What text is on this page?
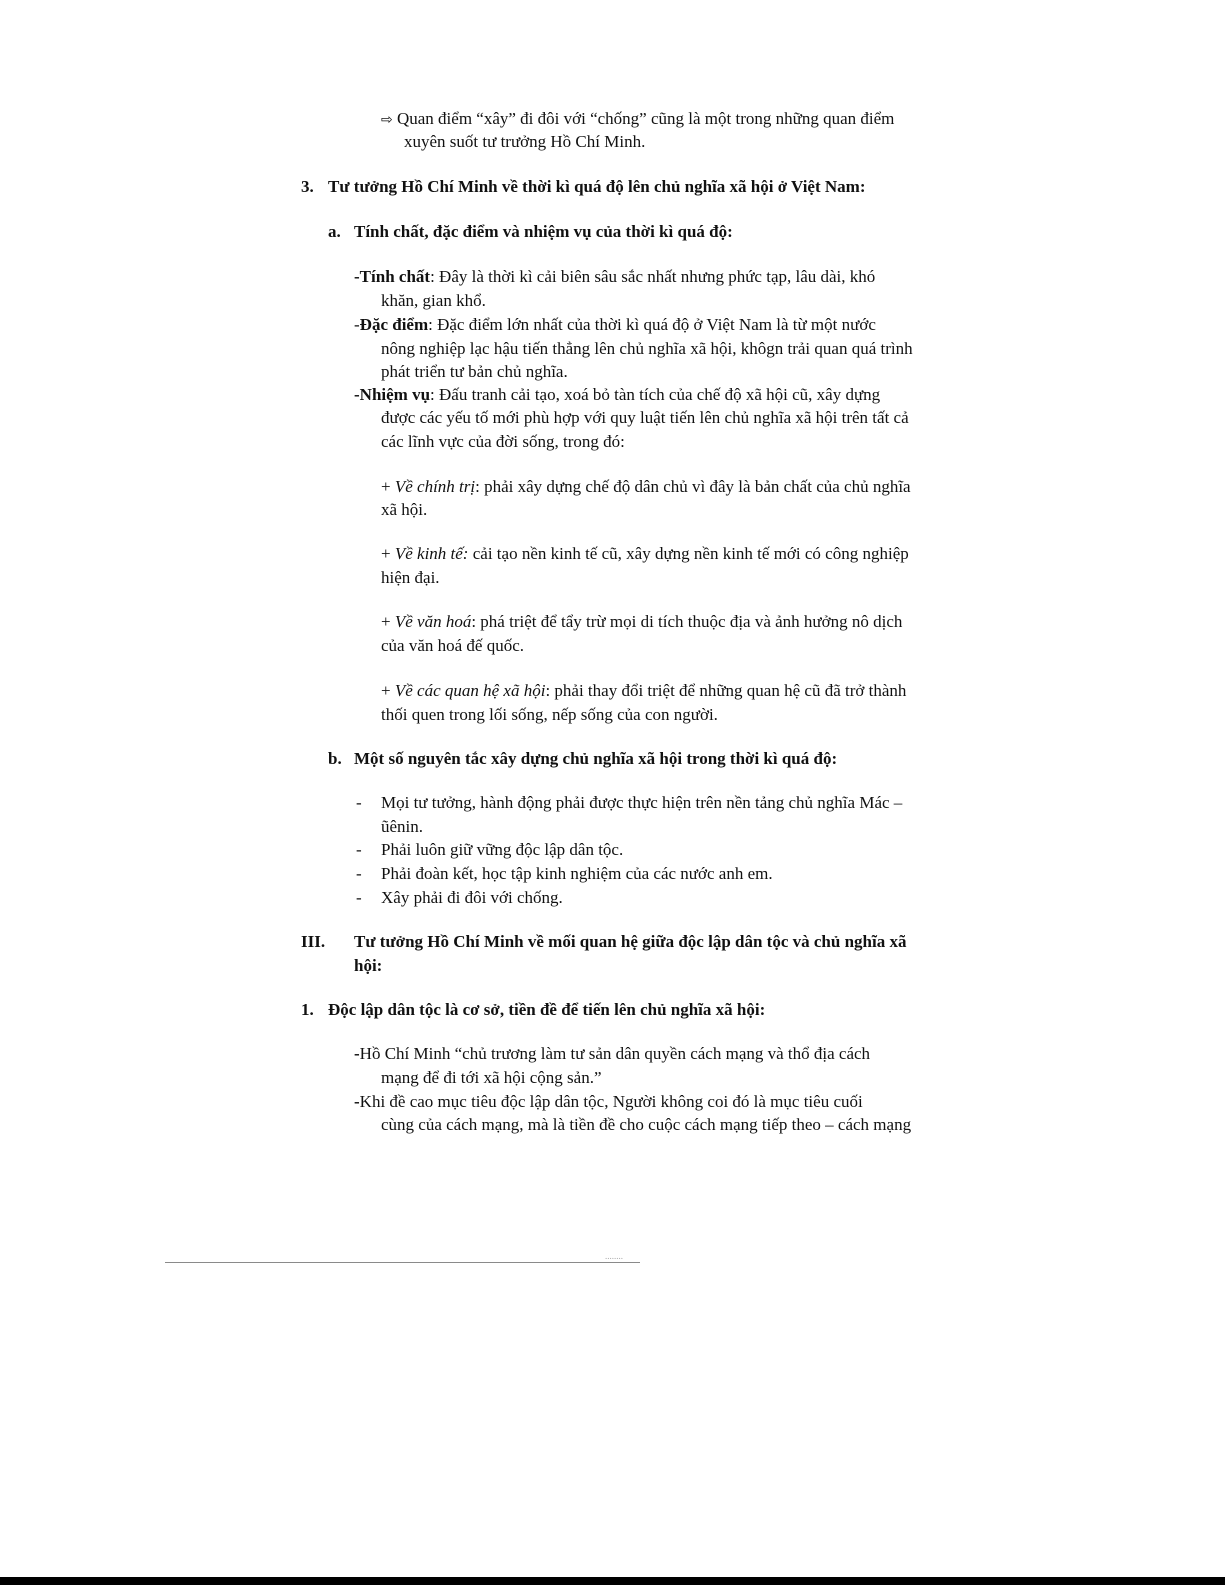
⇨ Quan điểm “xây” đi đôi với “chống” cũng là một trong những quan điểm
xuyên suốt tư trưởng Hồ Chí Minh.
3. Tư tưởng Hồ Chí Minh về thời kì quá độ lên chủ nghĩa xã hội ở Việt Nam:
a. Tính chất, đặc điểm và nhiệm vụ của thời kì quá độ:
-Tính chất: Đây là thời kì cải biên sâu sắc nhất nhưng phức tạp, lâu dài, khó
khăn, gian khổ.
-Đặc điểm: Đặc điểm lớn nhất của thời kì quá độ ở Việt Nam là từ một nước
nông nghiệp lạc hậu tiến thẳng lên chủ nghĩa xã hội, khôgn trải quan quá trình
phát triển tư bản chủ nghĩa.
-Nhiệm vụ: Đấu tranh cải tạo, xoá bỏ tàn tích của chế độ xã hội cũ, xây dựng
được các yếu tố mới phù hợp với quy luật tiến lên chủ nghĩa xã hội trên tất cả
các lĩnh vực của đời sống, trong đó:
+ Về chính trị: phải xây dựng chế độ dân chủ vì đây là bản chất của chủ nghĩa
xã hội.
+ Về kinh tế: cải tạo nền kinh tế cũ, xây dựng nền kinh tế mới có công nghiệp
hiện đại.
+ Về văn hoá: phá triệt để tẩy trừ mọi di tích thuộc địa và ảnh hưởng nô dịch
của văn hoá đế quốc.
+ Về các quan hệ xã hội: phải thay đổi triệt để những quan hệ cũ đã trở thành
thối quen trong lối sống, nếp sống của con người.
b. Một số nguyên tắc xây dựng chủ nghĩa xã hội trong thời kì quá độ:
- Mọi tư tưởng, hành động phải được thực hiện trên nền tảng chủ nghĩa Mác –
ũênin.
- Phải luôn giữ vững độc lập dân tộc.
- Phải đoàn kết, học tập kinh nghiệm của các nước anh em.
- Xây phải đi đôi với chống.
III. Tư tưởng Hồ Chí Minh về mối quan hệ giữa độc lập dân tộc và chủ nghĩa xã
hội:
1. Độc lập dân tộc là cơ sở, tiền đề để tiến lên chủ nghĩa xã hội:
-Hồ Chí Minh “chủ trương làm tư sản dân quyền cách mạng và thổ địa cách
mạng để đi tới xã hội cộng sản.”
-Khi đề cao mục tiêu độc lập dân tộc, Người không coi đó là mục tiêu cuối
cùng của cách mạng, mà là tiền đề cho cuộc cách mạng tiếp theo – cách mạng
........
